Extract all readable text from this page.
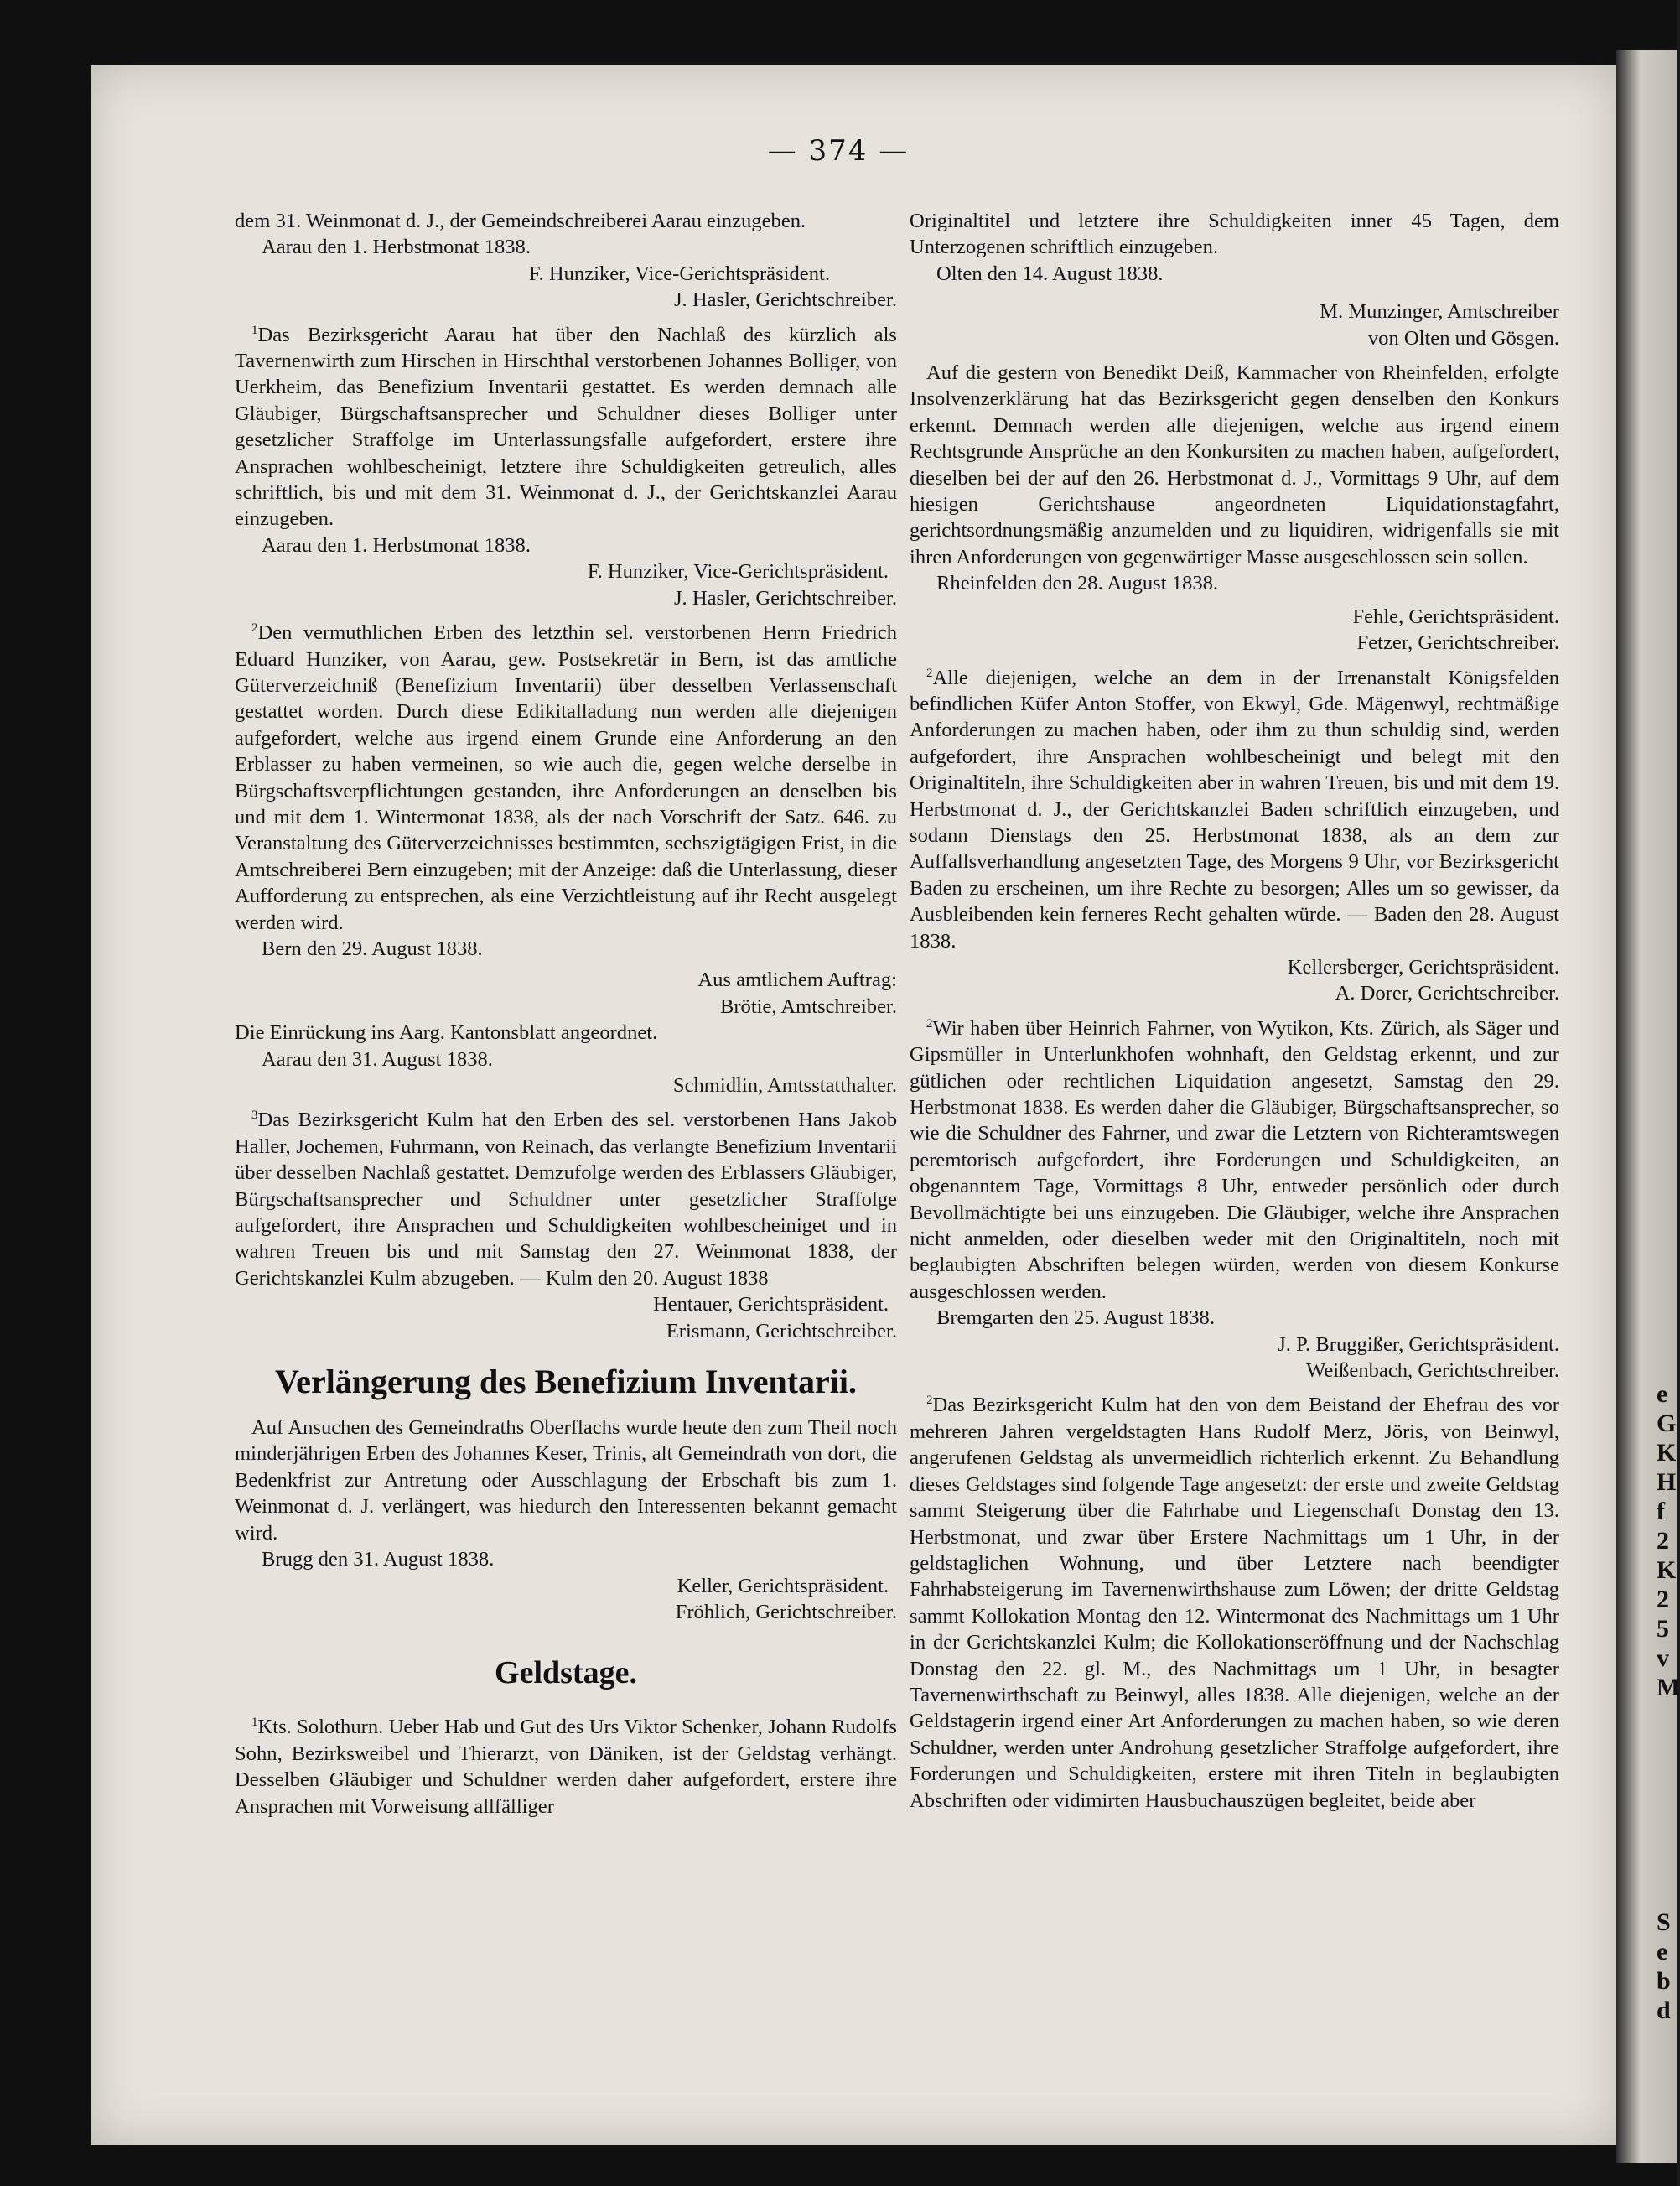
e
G
K
H
f
2
K
2
5
v
M
S
e
b
d
— 374 —

dem 31. Weinmonat d. J., der Gemeindschreiberei Aarau einzugeben.

Aarau den 1. Herbstmonat 1838.

F. Hunziker, Vice-Gerichtspräsident.

J. Hasler, Gerichtschreiber.

$^1$Das Bezirksgericht Aarau hat über den Nachlaß des kürzlich als Tavernenwirth zum Hirschen in Hirschthal verstorbenen Johannes Bolliger, von Uerkheim, das Benefizium Inventarii gestattet. Es werden demnach alle Gläubiger, Bürgschaftsansprecher und Schuldner dieses Bolliger unter gesetzlicher Straffolge im Unterlassungsfalle aufgefordert, erstere ihre Ansprachen wohlbescheinigt, letztere ihre Schuldigkeiten getreulich, alles schriftlich, bis und mit dem 31. Weinmonat d. J., der Gerichtskanzlei Aarau einzugeben.

Aarau den 1. Herbstmonat 1838.

F. Hunziker, Vice-Gerichtspräsident.

J. Hasler, Gerichtschreiber.

$^2$Den vermuthlichen Erben des letzthin sel. verstorbenen Herrn Friedrich Eduard Hunziker, von Aarau, gew. Postsekretär in Bern, ist das amtliche Güterverzeichniß (Benefizium Inventarii) über desselben Verlassenschaft gestattet worden. Durch diese Edikitalladung nun werden alle diejenigen aufgefordert, welche aus irgend einem Grunde eine Anforderung an den Erblasser zu haben vermeinen, so wie auch die, gegen welche derselbe in Bürgschaftsverpflichtungen gestanden, ihre Anforderungen an denselben bis und mit dem 1. Wintermonat 1838, als der nach Vorschrift der Satz. 646. zu Veranstaltung des Güterverzeichnisses bestimmten, sechszigtägigen Frist, in die Amtschreiberei Bern einzugeben; mit der Anzeige: daß die Unterlassung, dieser Aufforderung zu entsprechen, als eine Verzichtleistung auf ihr Recht ausgelegt werden wird.

Bern den 29. August 1838.

Aus amtlichem Auftrag:

Brötie, Amtschreiber.

Die Einrückung ins Aarg. Kantonsblatt angeordnet.

Aarau den 31. August 1838.

Schmidlin, Amtsstatthalter.

$^3$Das Bezirksgericht Kulm hat den Erben des sel. verstorbenen Hans Jakob Haller, Jochemen, Fuhrmann, von Reinach, das verlangte Benefizium Inventarii über desselben Nachlaß gestattet. Demzufolge werden des Erblassers Gläubiger, Bürgschaftsansprecher und Schuldner unter gesetzlicher Straffolge aufgefordert, ihre Ansprachen und Schuldigkeiten wohlbescheiniget und in wahren Treuen bis und mit Samstag den 27. Weinmonat 1838, der Gerichtskanzlei Kulm abzugeben. — Kulm den 20. August 1838

Hentauer, Gerichtspräsident.

Erismann, Gerichtschreiber.

Verlängerung des Benefizium Inventarii.

Auf Ansuchen des Gemeindraths Oberflachs wurde heute den zum Theil noch minderjährigen Erben des Johannes Keser, Trinis, alt Gemeindrath von dort, die Bedenkfrist zur Antretung oder Ausschlagung der Erbschaft bis zum 1. Weinmonat d. J. verlängert, was hiedurch den Interessenten bekannt gemacht wird.

Brugg den 31. August 1838.

Keller, Gerichtspräsident.

Fröhlich, Gerichtschreiber.

Geldstage.

$^1$Kts. Solothurn. Ueber Hab und Gut des Urs Viktor Schenker, Johann Rudolfs Sohn, Bezirksweibel und Thierarzt, von Däniken, ist der Geldstag verhängt. Desselben Gläubiger und Schuldner werden daher aufgefordert, erstere ihre Ansprachen mit Vorweisung allfälliger

Originaltitel und letztere ihre Schuldigkeiten inner 45 Tagen, dem Unterzogenen schriftlich einzugeben.

Olten den 14. August 1838.

M. Munzinger, Amtschreiber

von Olten und Gösgen.

Auf die gestern von Benedikt Deiß, Kammacher von Rheinfelden, erfolgte Insolvenzerklärung hat das Bezirksgericht gegen denselben den Konkurs erkennt. Demnach werden alle diejenigen, welche aus irgend einem Rechtsgrunde Ansprüche an den Konkursiten zu machen haben, aufgefordert, dieselben bei der auf den 26. Herbstmonat d. J., Vormittags 9 Uhr, auf dem hiesigen Gerichtshause angeordneten Liquidationstagfahrt, gerichtsordnungsmäßig anzumelden und zu liquidiren, widrigenfalls sie mit ihren Anforderungen von gegenwärtiger Masse ausgeschlossen sein sollen.

Rheinfelden den 28. August 1838.

Fehle, Gerichtspräsident.

Fetzer, Gerichtschreiber.

$^2$Alle diejenigen, welche an dem in der Irrenanstalt Königsfelden befindlichen Küfer Anton Stoffer, von Ekwyl, Gde. Mägenwyl, rechtmäßige Anforderungen zu machen haben, oder ihm zu thun schuldig sind, werden aufgefordert, ihre Ansprachen wohlbescheinigt und belegt mit den Originaltiteln, ihre Schuldigkeiten aber in wahren Treuen, bis und mit dem 19. Herbstmonat d. J., der Gerichtskanzlei Baden schriftlich einzugeben, und sodann Dienstags den 25. Herbstmonat 1838, als an dem zur Auffallsverhandlung angesetzten Tage, des Morgens 9 Uhr, vor Bezirksgericht Baden zu erscheinen, um ihre Rechte zu besorgen; Alles um so gewisser, da Ausbleibenden kein ferneres Recht gehalten würde. — Baden den 28. August 1838.

Kellersberger, Gerichtspräsident.

A. Dorer, Gerichtschreiber.

$^2$Wir haben über Heinrich Fahrner, von Wytikon, Kts. Zürich, als Säger und Gipsmüller in Unterlunkhofen wohnhaft, den Geldstag erkennt, und zur gütlichen oder rechtlichen Liquidation angesetzt, Samstag den 29. Herbstmonat 1838. Es werden daher die Gläubiger, Bürgschaftsansprecher, so wie die Schuldner des Fahrner, und zwar die Letztern von Richteramtswegen peremtorisch aufgefordert, ihre Forderungen und Schuldigkeiten, an obgenanntem Tage, Vormittags 8 Uhr, entweder persönlich oder durch Bevollmächtigte bei uns einzugeben. Die Gläubiger, welche ihre Ansprachen nicht anmelden, oder dieselben weder mit den Originaltiteln, noch mit beglaubigten Abschriften belegen würden, werden von diesem Konkurse ausgeschlossen werden.

Bremgarten den 25. August 1838.

J. P. Bruggißer, Gerichtspräsident.

Weißenbach, Gerichtschreiber.

$^2$Das Bezirksgericht Kulm hat den von dem Beistand der Ehefrau des vor mehreren Jahren vergeldstagten Hans Rudolf Merz, Jöris, von Beinwyl, angerufenen Geldstag als unvermeidlich richterlich erkennt. Zu Behandlung dieses Geldstages sind folgende Tage angesetzt: der erste und zweite Geldstag sammt Steigerung über die Fahrhabe und Liegenschaft Donstag den 13. Herbstmonat, und zwar über Erstere Nachmittags um 1 Uhr, in der geldstaglichen Wohnung, und über Letztere nach beendigter Fahrhabsteigerung im Tavernenwirthshause zum Löwen; der dritte Geldstag sammt Kollokation Montag den 12. Wintermonat des Nachmittags um 1 Uhr in der Gerichtskanzlei Kulm; die Kollokationseröffnung und der Nachschlag Donstag den 22. gl. M., des Nachmittags um 1 Uhr, in besagter Tavernenwirthschaft zu Beinwyl, alles 1838. Alle diejenigen, welche an der Geldstagerin irgend einer Art Anforderungen zu machen haben, so wie deren Schuldner, werden unter Androhung gesetzlicher Straffolge aufgefordert, ihre Forderungen und Schuldigkeiten, erstere mit ihren Titeln in beglaubigten Abschriften oder vidimirten Hausbuchauszügen begleitet, beide aber
